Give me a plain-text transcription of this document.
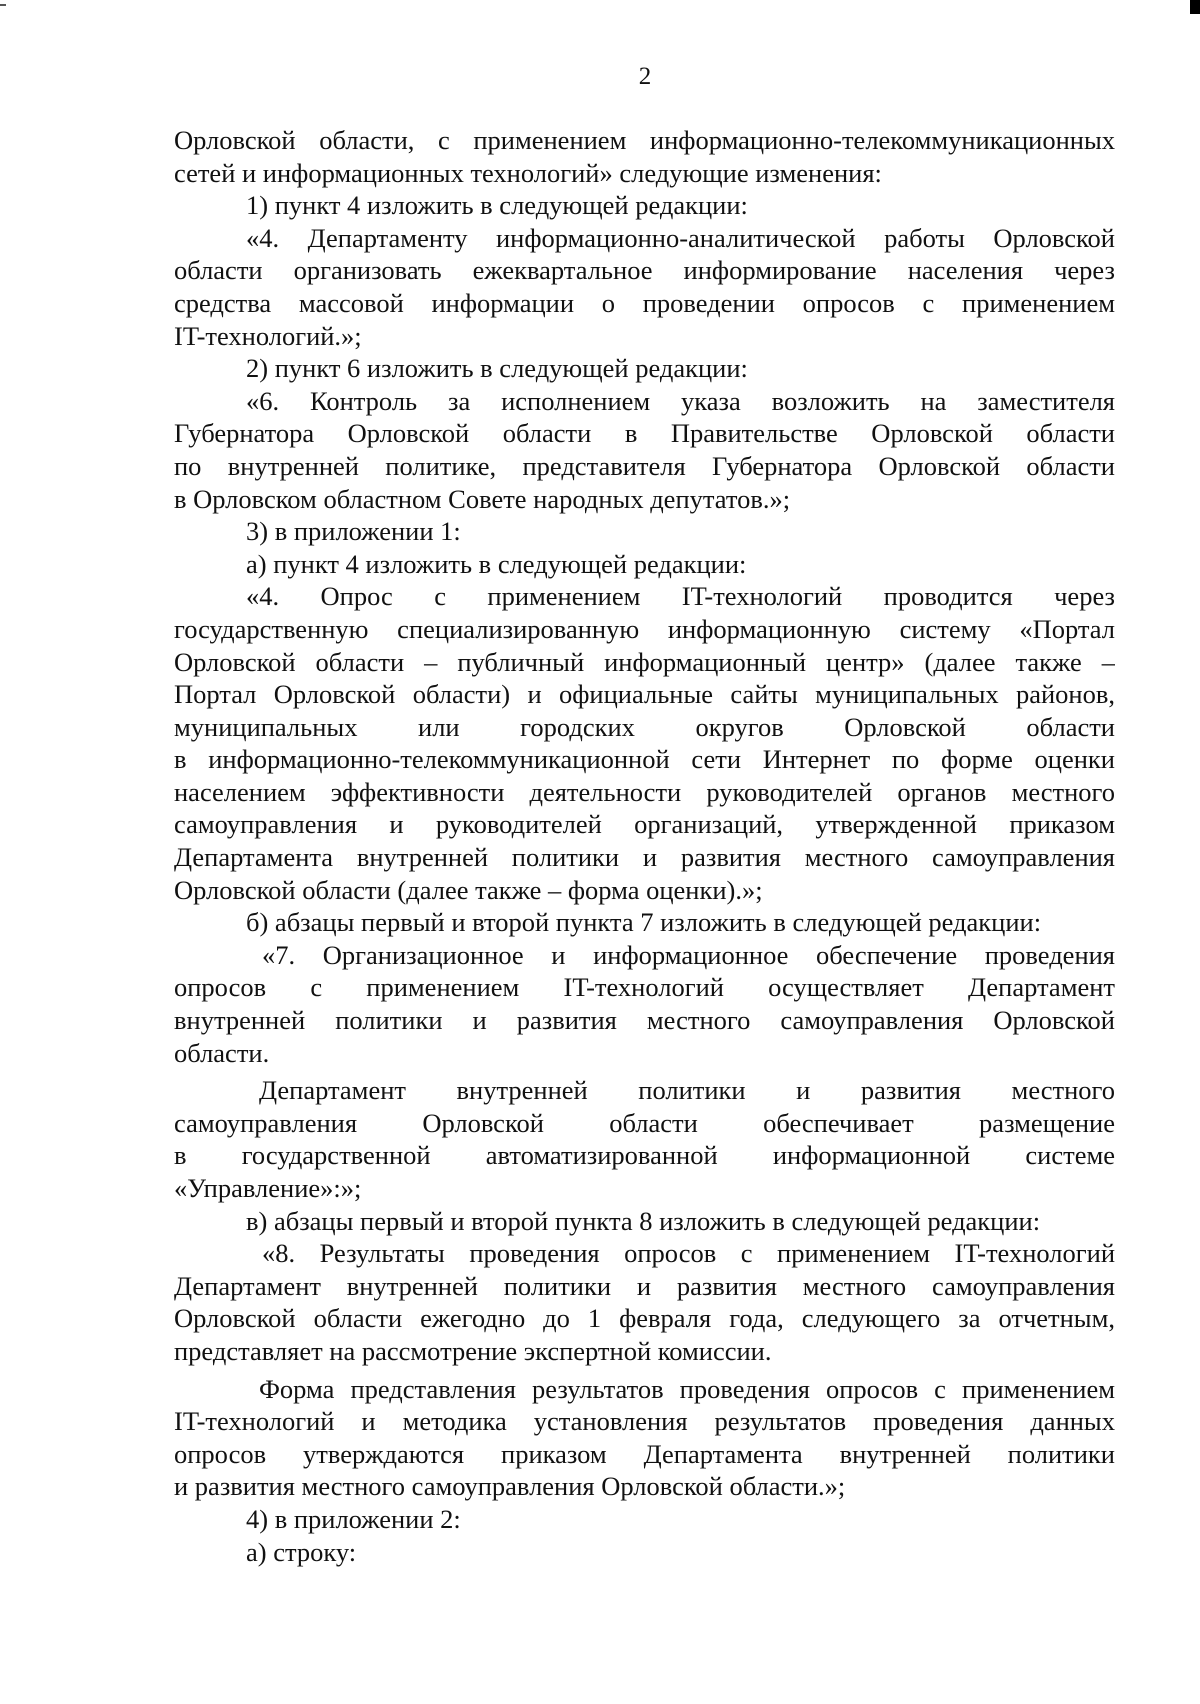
2
Орловской области, с применением информационно-телекоммуникационных
сетей и информационных технологий» следующие изменения:
1) пункт 4 изложить в следующей редакции:
«4. Департаменту информационно-аналитической работы Орловской
области организовать ежеквартальное информирование населения через
средства массовой информации о проведении опросов с применением
IT-технологий.»;
2) пункт 6 изложить в следующей редакции:
«6. Контроль за исполнением указа возложить на заместителя
Губернатора Орловской области в Правительстве Орловской области
по внутренней политике, представителя Губернатора Орловской области
в Орловском областном Совете народных депутатов.»;
3) в приложении 1:
а) пункт 4 изложить в следующей редакции:
«4. Опрос с применением IT-технологий проводится через
государственную специализированную информационную систему «Портал
Орловской области – публичный информационный центр» (далее также –
Портал Орловской области) и официальные сайты муниципальных районов,
муниципальных или городских округов Орловской области
в информационно-телекоммуникационной сети Интернет по форме оценки
населением эффективности деятельности руководителей органов местного
самоуправления и руководителей организаций, утвержденной приказом
Департамента внутренней политики и развития местного самоуправления
Орловской области (далее также – форма оценки).»;
б) абзацы первый и второй пункта 7 изложить в следующей редакции:
«7. Организационное и информационное обеспечение проведения
опросов с применением IT-технологий осуществляет Департамент
внутренней политики и развития местного самоуправления Орловской
области.
Департамент внутренней политики и развития местного
самоуправления Орловской области обеспечивает размещение
в государственной автоматизированной информационной системе
«Управление»:»;
в) абзацы первый и второй пункта 8 изложить в следующей редакции:
«8. Результаты проведения опросов с применением IT-технологий
Департамент внутренней политики и развития местного самоуправления
Орловской области ежегодно до 1 февраля года, следующего за отчетным,
представляет на рассмотрение экспертной комиссии.
Форма представления результатов проведения опросов с применением
IT-технологий и методика установления результатов проведения данных
опросов утверждаются приказом Департамента внутренней политики
и развития местного самоуправления Орловской области.»;
4) в приложении 2:
а) строку:
